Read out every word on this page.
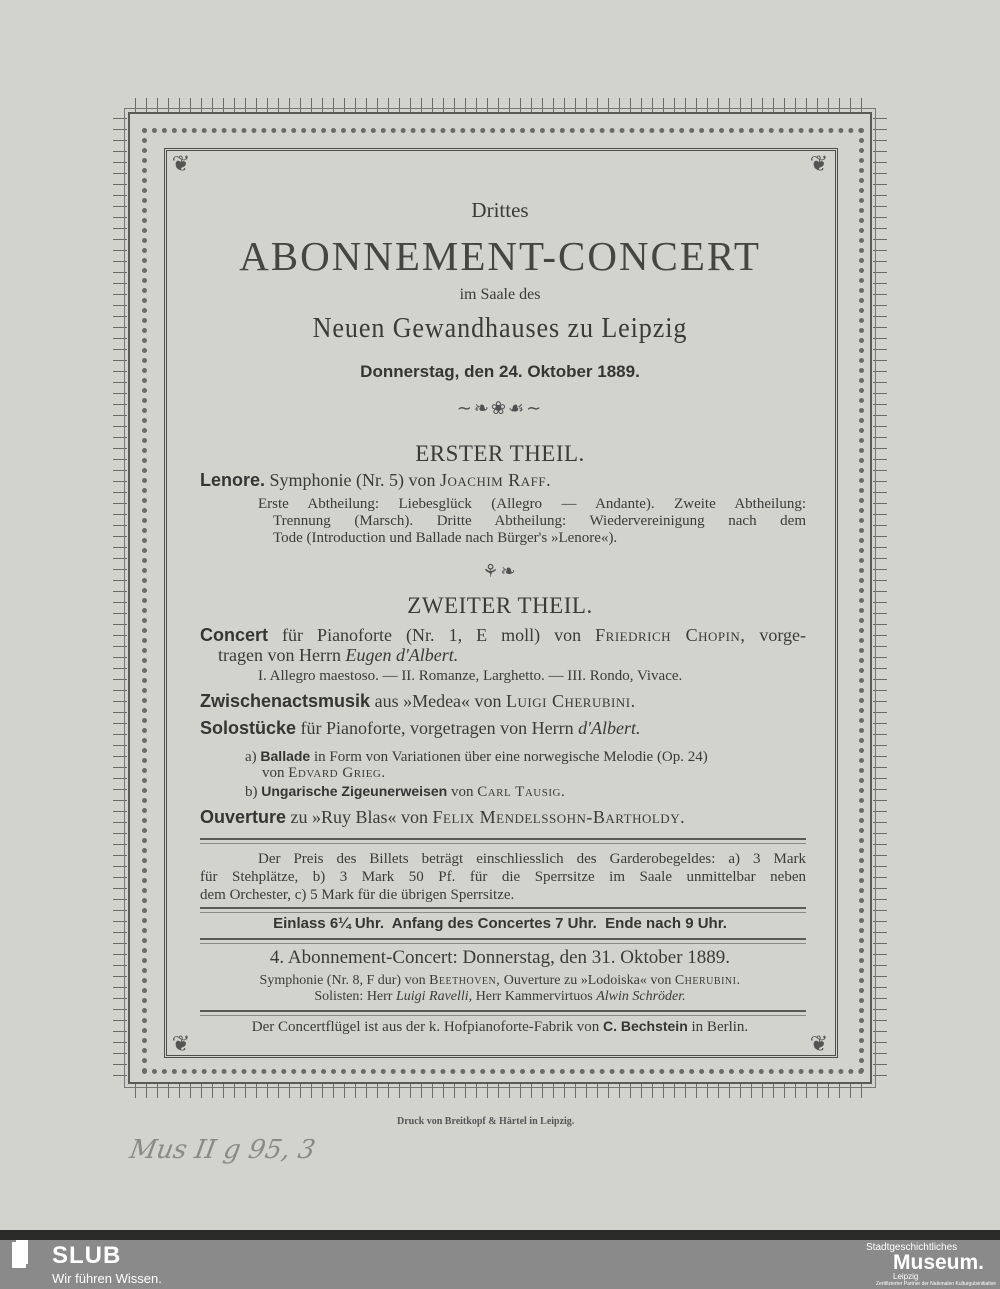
❦	❦
❦	❦
Drittes
ABONNEMENT-CONCERT
im Saale des
Neuen Gewandhauses zu Leipzig
Donnerstag, den 24. Oktober 1889.
∼❧❀☙∼
ERSTER THEIL.
Lenore. Symphonie (Nr. 5) von Joachim Raff.
Erste Abtheilung: Liebesglück (Allegro — Andante). Zweite Abtheilung:
Trennung (Marsch). Dritte Abtheilung: Wiedervereinigung nach dem
Tode (Introduction und Ballade nach Bürger's »Lenore«).
⚘❧
ZWEITER THEIL.
Concert für Pianoforte (Nr. 1, E moll) von Friedrich Chopin, vorge-
tragen von Herrn Eugen d'Albert.
I. Allegro maestoso. — II. Romanze, Larghetto. — III. Rondo, Vivace.
Zwischenactsmusik aus »Medea« von Luigi Cherubini.
Solostücke für Pianoforte, vorgetragen von Herrn d'Albert.
a) Ballade in Form von Variationen über eine norwegische Melodie (Op. 24)
von Edvard Grieg.
b) Ungarische Zigeunerweisen von Carl Tausig.
Ouverture zu »Ruy Blas« von Felix Mendelssohn-Bartholdy.
Der Preis des Billets beträgt einschliesslich des Garderobegeldes: a) 3 Mark
für Stehplätze, b) 3 Mark 50 Pf. für die Sperrsitze im Saale unmittelbar neben
dem Orchester, c) 5 Mark für die übrigen Sperrsitze.
Einlass 6¼ Uhr.  Anfang des Concertes 7 Uhr.  Ende nach 9 Uhr.
4. Abonnement-Concert: Donnerstag, den 31. Oktober 1889.
Symphonie (Nr. 8, F dur) von Beethoven, Ouverture zu »Lodoiska« von Cherubini.
Solisten: Herr Luigi Ravelli, Herr Kammervirtuos Alwin Schröder.
Der Concertflügel ist aus der k. Hofpianoforte-Fabrik von C. Bechstein in Berlin.
Druck von Breitkopf & Härtel in Leipzig.
Mus II g 95, 3
SLUB
Wir führen Wissen.
Stadtgeschichtliches
Museum.
Leipzig
Zertifizierter Partner der Nationalen Kulturgutsinitiative
